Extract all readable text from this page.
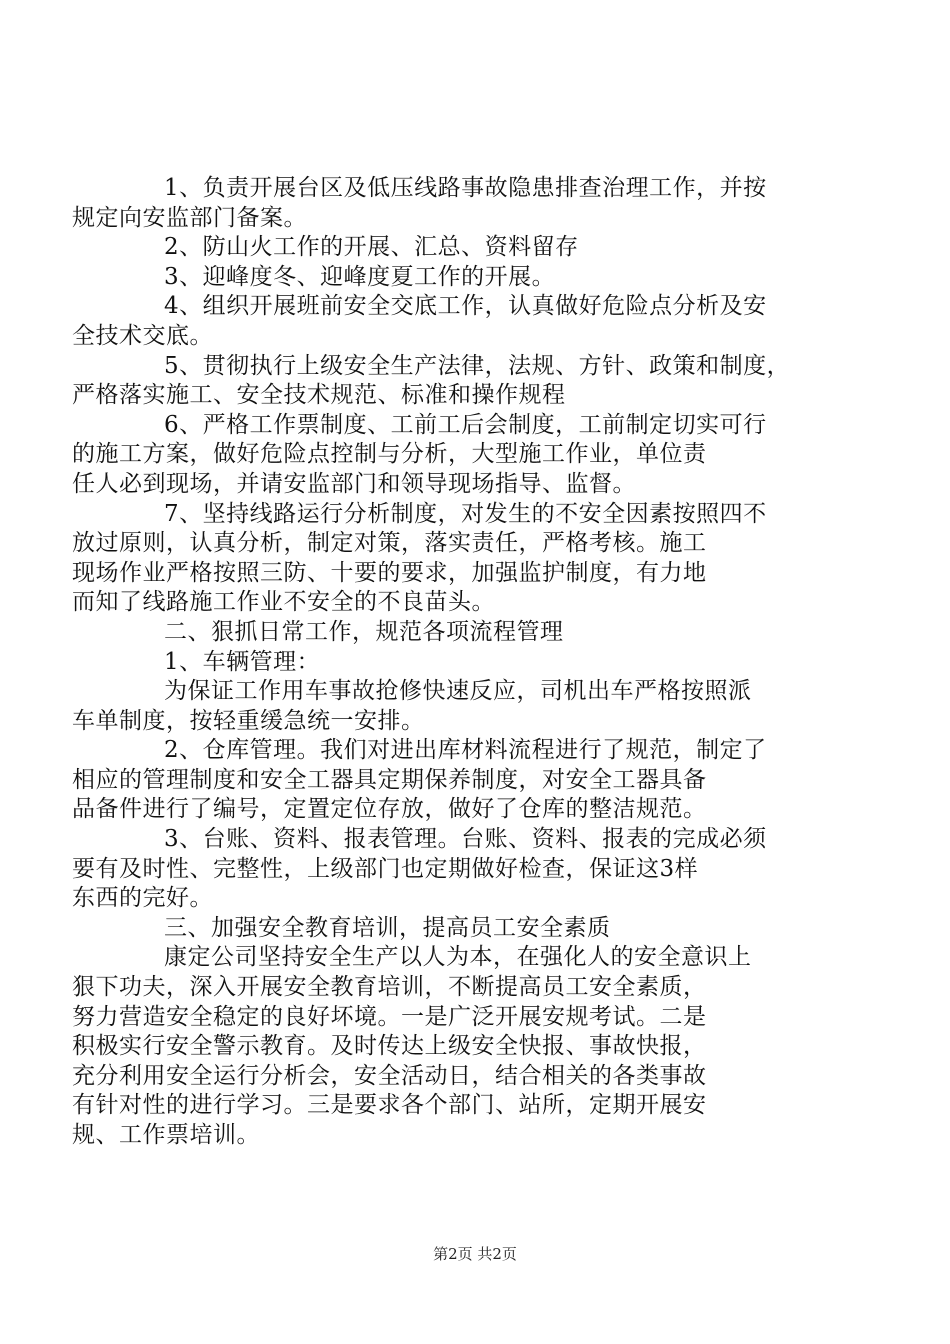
1、负责开展台区及低压线路事故隐患排查治理工作，并按
规定向安监部门备案。

2、防山火工作的开展、汇总、资料留存

3、迎峰度冬、迎峰度夏工作的开展。

4、组织开展班前安全交底工作，认真做好危险点分析及安
全技术交底。

5、贯彻执行上级安全生产法律，法规、方针、政策和制度，
严格落实施工、安全技术规范、标准和操作规程

6、严格工作票制度、工前工后会制度，工前制定切实可行
的施工方案，做好危险点控制与分析，大型施工作业，单位责
任人必到现场，并请安监部门和领导现场指导、监督。

7、坚持线路运行分析制度，对发生的不安全因素按照四不
放过原则，认真分析，制定对策，落实责任，严格考核。施工
现场作业严格按照三防、十要的要求，加强监护制度，有力地
而知了线路施工作业不安全的不良苗头。

二、狠抓日常工作，规范各项流程管理

1、车辆管理：

为保证工作用车事故抢修快速反应，司机出车严格按照派
车单制度，按轻重缓急统一安排。

2、仓库管理。我们对进出库材料流程进行了规范，制定了
相应的管理制度和安全工器具定期保养制度，对安全工器具备
品备件进行了编号，定置定位存放，做好了仓库的整洁规范。

3、台账、资料、报表管理。台账、资料、报表的完成必须
要有及时性、完整性，上级部门也定期做好检查，保证这3样
东西的完好。

三、加强安全教育培训，提高员工安全素质

康定公司坚持安全生产以人为本，在强化人的安全意识上
狠下功夫，深入开展安全教育培训，不断提高员工安全素质，
努力营造安全稳定的良好坏境。一是广泛开展安规考试。二是
积极实行安全警示教育。及时传达上级安全快报、事故快报，
充分利用安全运行分析会，安全活动日，结合相关的各类事故
有针对性的进行学习。三是要求各个部门、站所，定期开展安
规、工作票培训。

第2页 共2页
